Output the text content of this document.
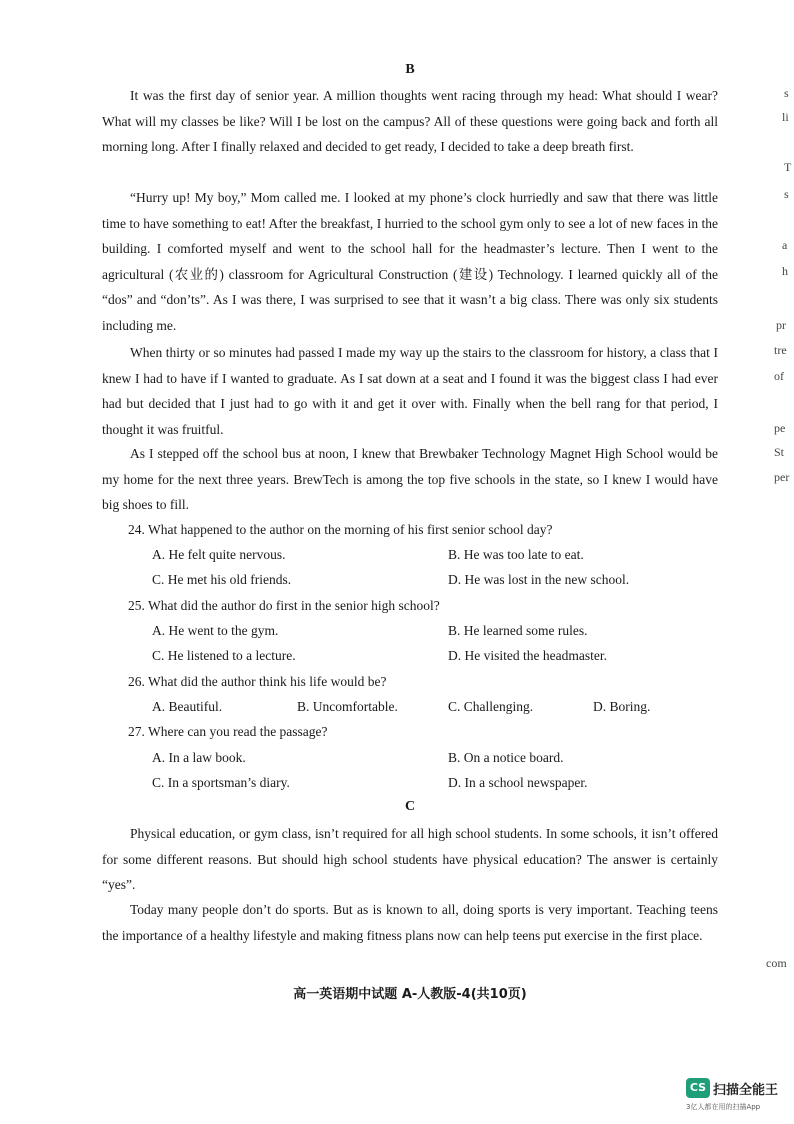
B

It was the first day of senior year. A million thoughts went racing through my head: What should I wear? What will my classes be like? Will I be lost on the campus? All of these questions were going back and forth all morning long. After I finally relaxed and decided to get ready, I decided to take a deep breath first.

“Hurry up! My boy,” Mom called me. I looked at my phone’s clock hurriedly and saw that there was little time to have something to eat! After the breakfast, I hurried to the school gym only to see a lot of new faces in the building. I comforted myself and went to the school hall for the headmaster’s lecture. Then I went to the agricultural (农业的) classroom for Agricultural Construction (建设) Technology. I learned quickly all of the “dos” and “don’ts”. As I was there, I was surprised to see that it wasn’t a big class. There was only six students including me.

When thirty or so minutes had passed I made my way up the stairs to the classroom for history, a class that I knew I had to have if I wanted to graduate. As I sat down at a seat and I found it was the biggest class I had ever had but decided that I just had to go with it and get it over with. Finally when the bell rang for that period, I thought it was fruitful.

As I stepped off the school bus at noon, I knew that Brewbaker Technology Magnet High School would be my home for the next three years. BrewTech is among the top five schools in the state, so I knew I would have big shoes to fill.

24. What happened to the author on the morning of his first senior school day?
A. He felt quite nervous.	B. He was too late to eat.
C. He met his old friends.	D. He was lost in the new school.
25. What did the author do first in the senior high school?
A. He went to the gym.	B. He learned some rules.
C. He listened to a lecture.	D. He visited the headmaster.
26. What did the author think his life would be?
A. Beautiful.	B. Uncomfortable.	C. Challenging.	D. Boring.
27. Where can you read the passage?
A. In a law book.	B. On a notice board.
C. In a sportsman’s diary.	D. In a school newspaper.
C

Physical education, or gym class, isn’t required for all high school students. In some schools, it isn’t offered for some different reasons. But should high school students have physical education? The answer is certainly “yes”.

Today many people don’t do sports. But as is known to all, doing sports is very important. Teaching teens the importance of a healthy lifestyle and making fitness plans now can help teens put exercise in the first place.

高一英语期中试题 A-人教版-4(共10页)
s
li
T
s
a
h
pr
tre
of
pe
St
per
com
CS 扫描全能王
3亿人都在用的扫描App
